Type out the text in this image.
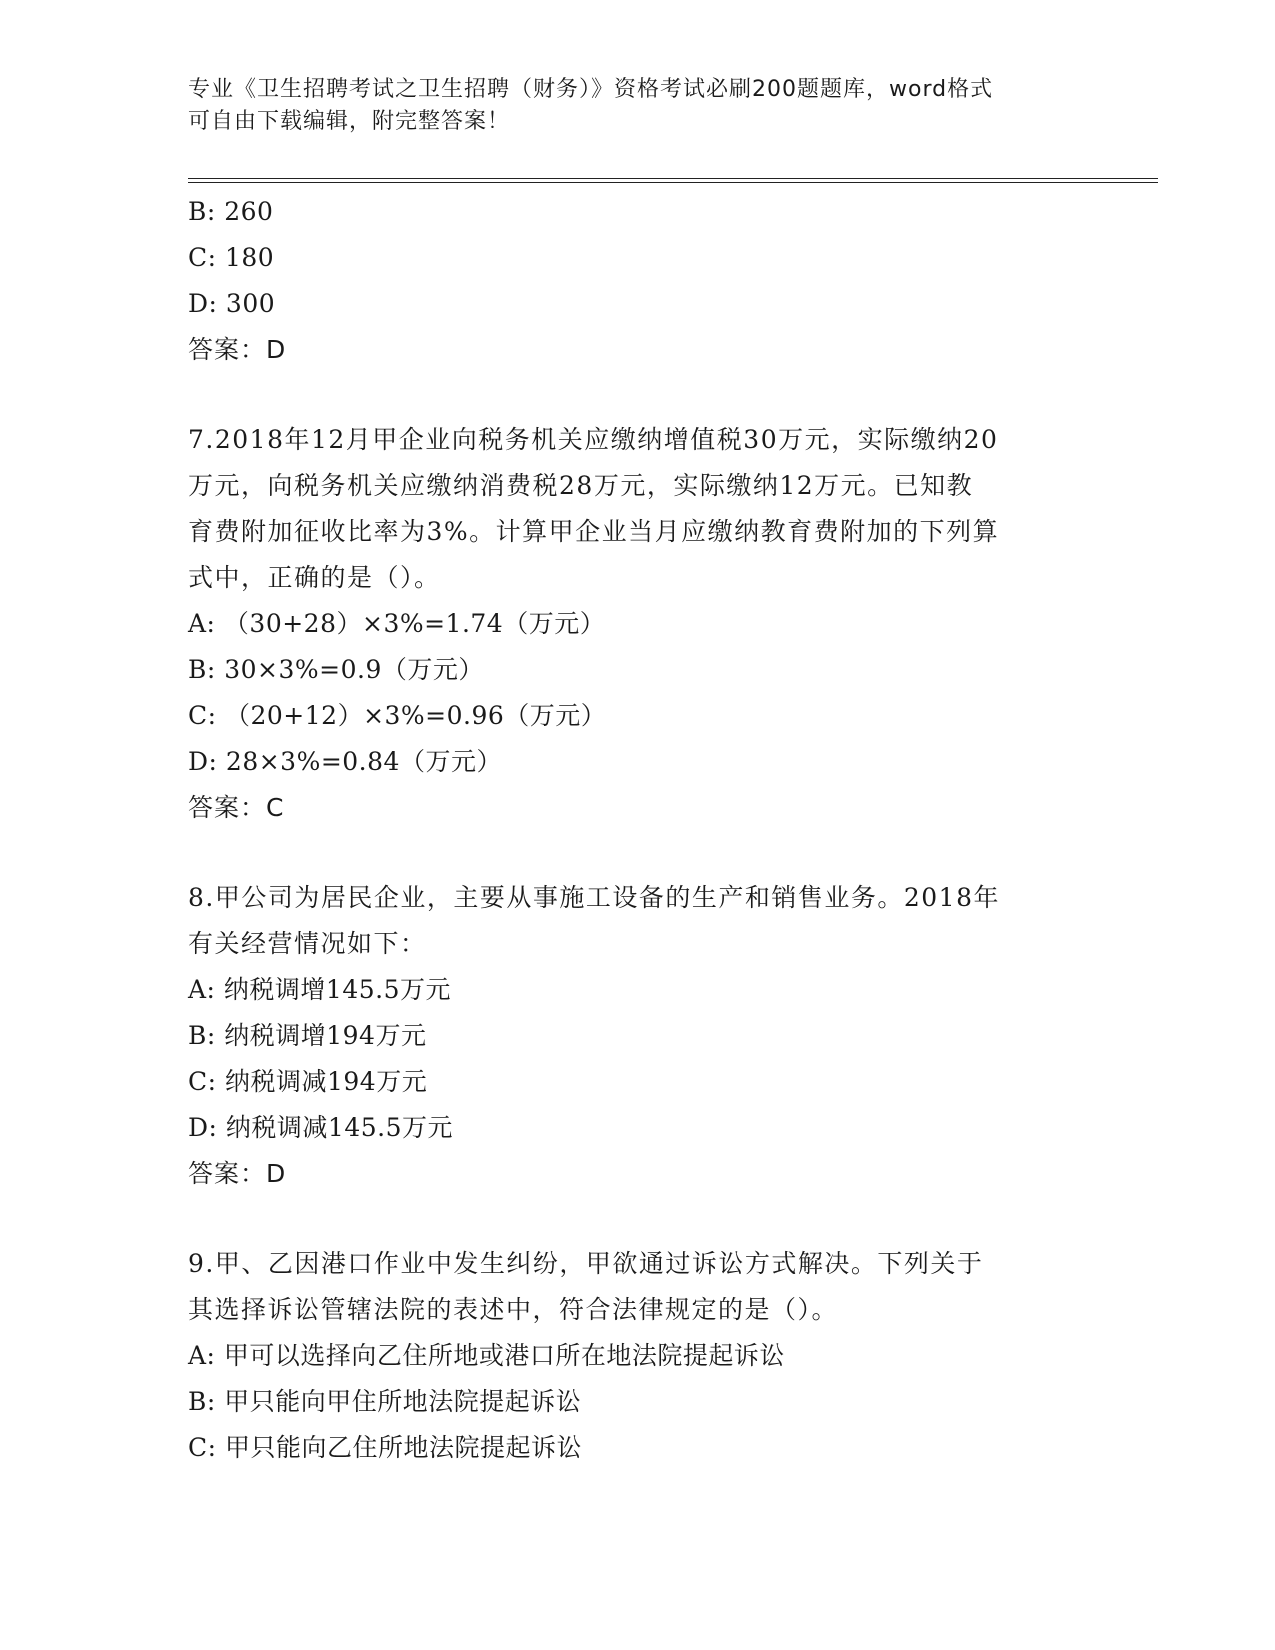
专业《卫生招聘考试之卫生招聘（财务）》资格考试必刷200题题库，word格式
可自由下载编辑，附完整答案！
B: 260
C: 180
D: 300
答案：D
7.2018年12月甲企业向税务机关应缴纳增值税30万元，实际缴纳20
万元，向税务机关应缴纳消费税28万元，实际缴纳12万元。已知教
育费附加征收比率为3%。计算甲企业当月应缴纳教育费附加的下列算
式中，正确的是（）。
A: （30+28）×3%=1.74（万元）
B: 30×3%=0.9（万元）
C: （20+12）×3%=0.96（万元）
D: 28×3%=0.84（万元）
答案：C
8.甲公司为居民企业，主要从事施工设备的生产和销售业务。2018年
有关经营情况如下：
A: 纳税调增145.5万元
B: 纳税调增194万元
C: 纳税调减194万元
D: 纳税调减145.5万元
答案：D
9.甲、乙因港口作业中发生纠纷，甲欲通过诉讼方式解决。下列关于
其选择诉讼管辖法院的表述中，符合法律规定的是（）。
A: 甲可以选择向乙住所地或港口所在地法院提起诉讼
B: 甲只能向甲住所地法院提起诉讼
C: 甲只能向乙住所地法院提起诉讼
